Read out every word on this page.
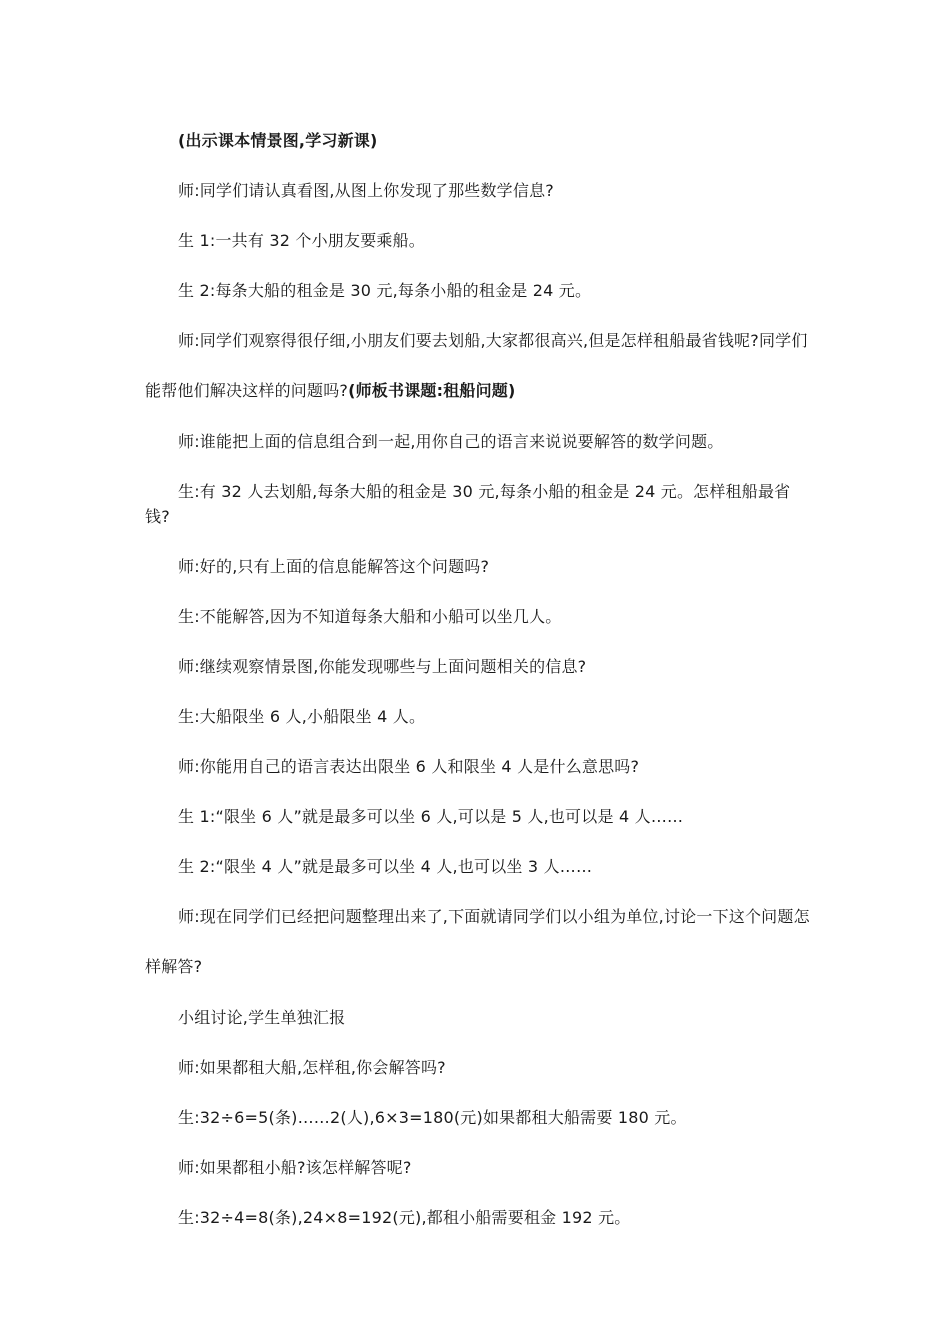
(出示课本情景图,学习新课)

师:同学们请认真看图,从图上你发现了那些数学信息?

生 1:一共有 32 个小朋友要乘船。

生 2:每条大船的租金是 30 元,每条小船的租金是 24 元。

师:同学们观察得很仔细,小朋友们要去划船,大家都很高兴,但是怎样租船最省钱呢?同学们能帮他们解决这样的问题吗?(师板书课题:租船问题)

师:谁能把上面的信息组合到一起,用你自己的语言来说说要解答的数学问题。

生:有 32 人去划船,每条大船的租金是 30 元,每条小船的租金是 24 元。怎样租船最省钱?

师:好的,只有上面的信息能解答这个问题吗?

生:不能解答,因为不知道每条大船和小船可以坐几人。

师:继续观察情景图,你能发现哪些与上面问题相关的信息?

生:大船限坐 6 人,小船限坐 4 人。

师:你能用自己的语言表达出限坐 6 人和限坐 4 人是什么意思吗?

生 1:“限坐 6 人”就是最多可以坐 6 人,可以是 5 人,也可以是 4 人……

生 2:“限坐 4 人”就是最多可以坐 4 人,也可以坐 3 人……

师:现在同学们已经把问题整理出来了,下面就请同学们以小组为单位,讨论一下这个问题怎样解答?

小组讨论,学生单独汇报

师:如果都租大船,怎样租,你会解答吗?

生:32÷6=5(条)……2(人),6×3=180(元)如果都租大船需要 180 元。

师:如果都租小船?该怎样解答呢?

生:32÷4=8(条),24×8=192(元),都租小船需要租金 192 元。
